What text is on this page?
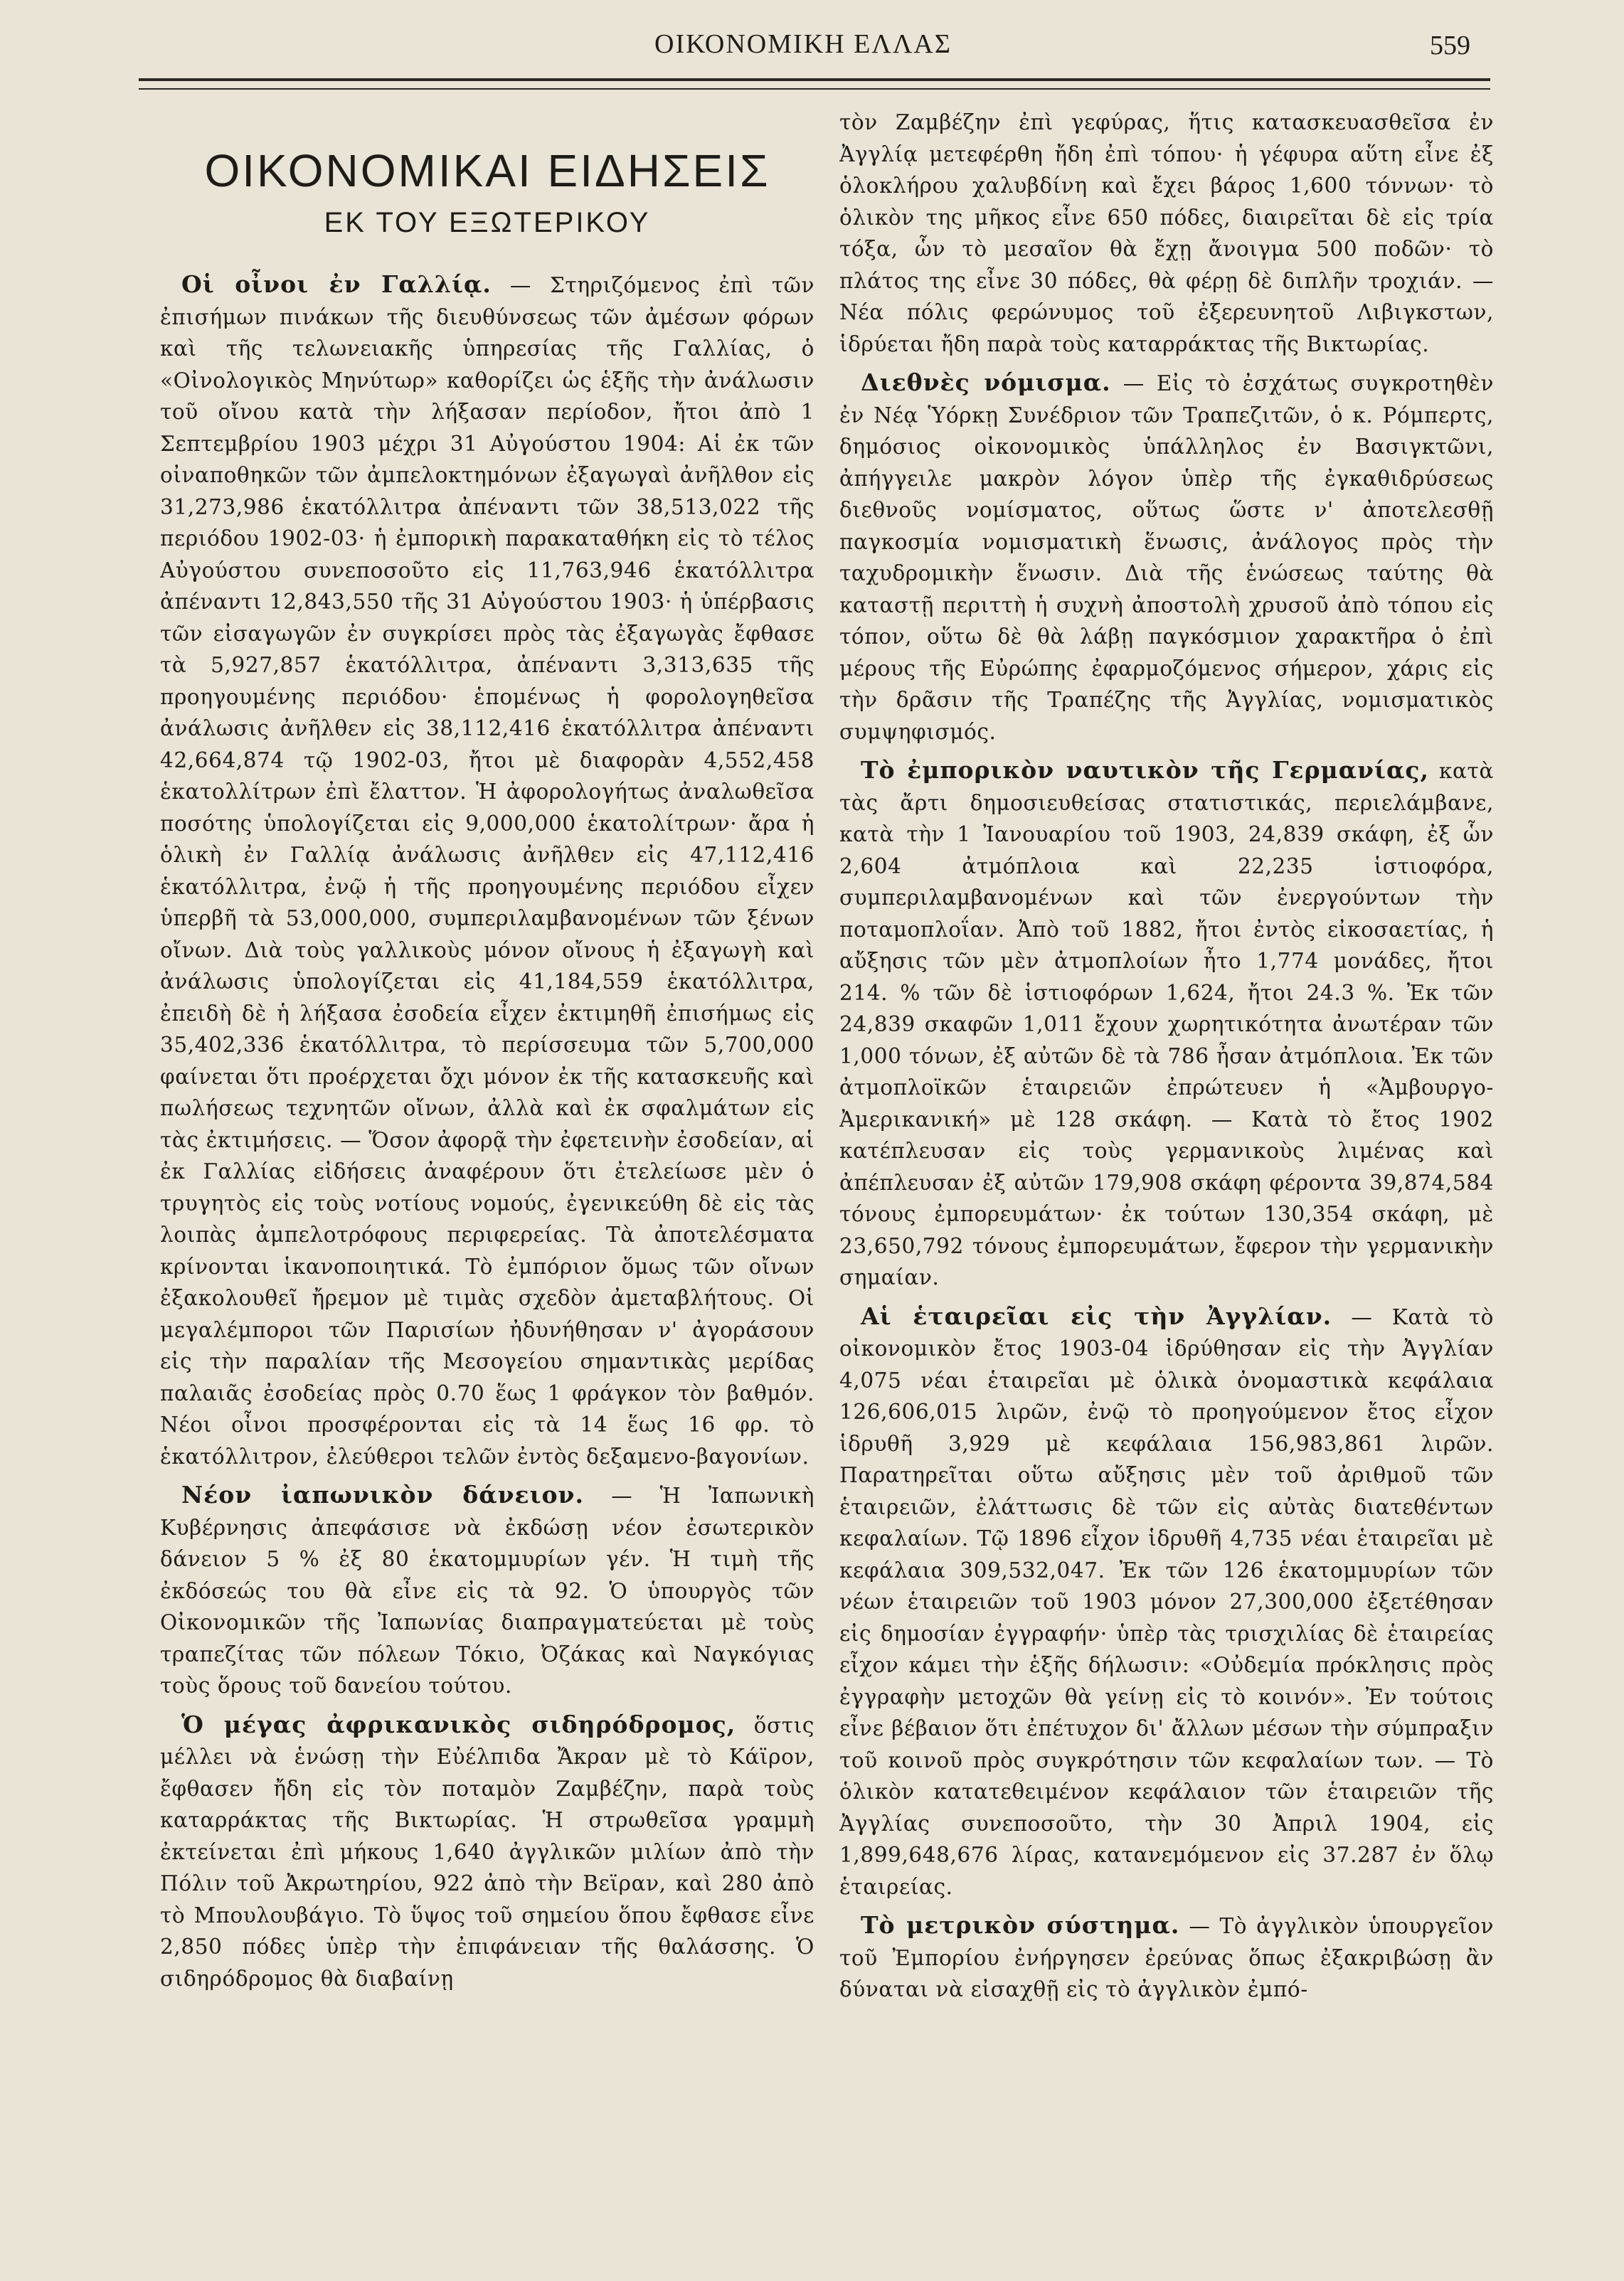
ΟΙΚΟΝΟΜΙΚΗ ΕΛΛΑΣ	559
ΟΙΚΟΝΟΜΙΚΑΙ ΕΙΔΗΣΕΙΣ
ΕΚ ΤΟΥ ΕΞΩΤΕΡΙΚΟΥ

Οἱ οἶνοι ἐν Γαλλίᾳ. — Στηριζόμενος ἐπὶ τῶν ἐπισήμων πινάκων τῆς διευθύνσεως τῶν ἀμέσων φόρων καὶ τῆς τελωνειακῆς ὑπηρεσίας τῆς Γαλλίας, ὁ «Οἰνολογικὸς Μηνύτωρ» καθορίζει ὡς ἑξῆς τὴν ἀνάλωσιν τοῦ οἴνου κατὰ τὴν λήξασαν περίοδον, ἤτοι ἀπὸ 1 Σεπτεμβρίου 1903 μέχρι 31 Αὐγούστου 1904: Αἱ ἐκ τῶν οἰναποθηκῶν τῶν ἀμπελοκτημόνων ἐξαγωγαὶ ἀνῆλθον εἰς 31,273,986 ἑκατόλλιτρα ἀπέναντι τῶν 38,513,022 τῆς περιόδου 1902-03· ἡ ἐμπορικὴ παρακαταθήκη εἰς τὸ τέλος Αὐγούστου συνεποσοῦτο εἰς 11,763,946 ἑκατόλλιτρα ἀπέναντι 12,843,550 τῆς 31 Αὐγούστου 1903· ἡ ὑπέρβασις τῶν εἰσαγωγῶν ἐν συγκρίσει πρὸς τὰς ἐξαγωγὰς ἔφθασε τὰ 5,927,857 ἑκατόλλιτρα, ἀπέναντι 3,313,635 τῆς προηγουμένης περιόδου· ἑπομένως ἡ φορολογηθεῖσα ἀνάλωσις ἀνῆλθεν εἰς 38,112,416 ἑκατόλλιτρα ἀπέναντι 42,664,874 τῷ 1902-03, ἤτοι μὲ διαφορὰν 4,552,458 ἑκατολλίτρων ἐπὶ ἔλαττον. Ἡ ἀφορολογήτως ἀναλωθεῖσα ποσότης ὑπολογίζεται εἰς 9,000,000 ἑκατολίτρων· ἄρα ἡ ὁλικὴ ἐν Γαλλίᾳ ἀνάλωσις ἀνῆλθεν εἰς 47,112,416 ἑκατόλλιτρα, ἐνῷ ἡ τῆς προηγουμένης περιόδου εἶχεν ὑπερβῆ τὰ 53,000,000, συμπεριλαμβανομένων τῶν ξένων οἴνων. Διὰ τοὺς γαλλικοὺς μόνον οἴνους ἡ ἐξαγωγὴ καὶ ἀνάλωσις ὑπολογίζεται εἰς 41,184,559 ἑκατόλλιτρα, ἐπειδὴ δὲ ἡ λήξασα ἐσοδεία εἶχεν ἐκτιμηθῆ ἐπισήμως εἰς 35,402,336 ἑκατόλλιτρα, τὸ περίσσευμα τῶν 5,700,000 φαίνεται ὅτι προέρχεται ὄχι μόνον ἐκ τῆς κατασκευῆς καὶ πωλήσεως τεχνητῶν οἴνων, ἀλλὰ καὶ ἐκ σφαλμάτων εἰς τὰς ἐκτιμήσεις. — Ὅσον ἀφορᾷ τὴν ἐφετεινὴν ἐσοδείαν, αἱ ἐκ Γαλλίας εἰδήσεις ἀναφέρουν ὅτι ἐτελείωσε μὲν ὁ τρυγητὸς εἰς τοὺς νοτίους νομούς, ἐγενικεύθη δὲ εἰς τὰς λοιπὰς ἀμπελοτρόφους περιφερείας. Τὰ ἀποτελέσματα κρίνονται ἱκανοποιητικά. Τὸ ἐμπόριον ὅμως τῶν οἴνων ἐξακολουθεῖ ἤρεμον μὲ τιμὰς σχεδὸν ἀμεταβλήτους. Οἱ μεγαλέμποροι τῶν Παρισίων ἠδυνήθησαν ν' ἀγοράσουν εἰς τὴν παραλίαν τῆς Μεσογείου σημαντικὰς μερίδας παλαιᾶς ἐσοδείας πρὸς 0.70 ἕως 1 φράγκον τὸν βαθμόν. Νέοι οἶνοι προσφέρονται εἰς τὰ 14 ἕως 16 φρ. τὸ ἑκατόλλιτρον, ἐλεύθεροι τελῶν ἐντὸς δεξαμενο-βαγονίων.

Νέον ἰαπωνικὸν δάνειον. — Ἡ Ἰαπωνικὴ Κυβέρνησις ἀπεφάσισε νὰ ἐκδώσῃ νέον ἐσωτερικὸν δάνειον 5 % ἐξ 80 ἑκατομμυρίων γέν. Ἡ τιμὴ τῆς ἐκδόσεώς του θὰ εἶνε εἰς τὰ 92. Ὁ ὑπουργὸς τῶν Οἰκονομικῶν τῆς Ἰαπωνίας διαπραγματεύεται μὲ τοὺς τραπεζίτας τῶν πόλεων Τόκιο, Ὀζάκας καὶ Ναγκόγιας τοὺς ὅρους τοῦ δανείου τούτου.

Ὁ μέγας ἀφρικανικὸς σιδηρόδρομος, ὅστις μέλλει νὰ ἑνώσῃ τὴν Εὐέλπιδα Ἄκραν μὲ τὸ Κάϊρον, ἔφθασεν ἤδη εἰς τὸν ποταμὸν Ζαμβέζην, παρὰ τοὺς καταρράκτας τῆς Βικτωρίας. Ἡ στρωθεῖσα γραμμὴ ἐκτείνεται ἐπὶ μήκους 1,640 ἀγγλικῶν μιλίων ἀπὸ τὴν Πόλιν τοῦ Ἀκρωτηρίου, 922 ἀπὸ τὴν Βεϊραν, καὶ 280 ἀπὸ τὸ Μπουλουβάγιο. Τὸ ὕψος τοῦ σημείου ὅπου ἔφθασε εἶνε 2,850 πόδες ὑπὲρ τὴν ἐπιφάνειαν τῆς θαλάσσης. Ὁ σιδηρόδρομος θὰ διαβαίνῃ

τὸν Ζαμβέζην ἐπὶ γεφύρας, ἥτις κατασκευασθεῖσα ἐν Ἀγγλίᾳ μετεφέρθη ἤδη ἐπὶ τόπου· ἡ γέφυρα αὕτη εἶνε ἐξ ὁλοκλήρου χαλυβδίνη καὶ ἔχει βάρος 1,600 τόννων· τὸ ὁλικὸν της μῆκος εἶνε 650 πόδες, διαιρεῖται δὲ εἰς τρία τόξα, ὧν τὸ μεσαῖον θὰ ἔχῃ ἄνοιγμα 500 ποδῶν· τὸ πλάτος της εἶνε 30 πόδες, θὰ φέρῃ δὲ διπλῆν τροχιάν. — Νέα πόλις φερώνυμος τοῦ ἐξερευνητοῦ Λιβιγκστων, ἱδρύεται ἤδη παρὰ τοὺς καταρράκτας τῆς Βικτωρίας.

Διεθνὲς νόμισμα. — Εἰς τὸ ἐσχάτως συγκροτηθὲν ἐν Νέᾳ Ὑόρκῃ Συνέδριον τῶν Τραπεζιτῶν, ὁ κ. Ρόμπερτς, δημόσιος οἰκονομικὸς ὑπάλληλος ἐν Βασιγκτῶνι, ἀπήγγειλε μακρὸν λόγον ὑπὲρ τῆς ἐγκαθιδρύσεως διεθνοῦς νομίσματος, οὕτως ὥστε ν' ἀποτελεσθῇ παγκοσμία νομισματικὴ ἕνωσις, ἀνάλογος πρὸς τὴν ταχυδρομικὴν ἕνωσιν. Διὰ τῆς ἑνώσεως ταύτης θὰ καταστῇ περιττὴ ἡ συχνὴ ἀποστολὴ χρυσοῦ ἀπὸ τόπου εἰς τόπον, οὕτω δὲ θὰ λάβῃ παγκόσμιον χαρακτῆρα ὁ ἐπὶ μέρους τῆς Εὐρώπης ἐφαρμοζόμενος σήμερον, χάρις εἰς τὴν δρᾶσιν τῆς Τραπέζης τῆς Ἀγγλίας, νομισματικὸς συμψηφισμός.

Τὸ ἐμπορικὸν ναυτικὸν τῆς Γερμανίας, κατὰ τὰς ἄρτι δημοσιευθείσας στατιστικάς, περιελάμβανε, κατὰ τὴν 1 Ἰανουαρίου τοῦ 1903, 24,839 σκάφη, ἐξ ὧν 2,604 ἀτμόπλοια καὶ 22,235 ἱστιοφόρα, συμπεριλαμβανομένων καὶ τῶν ἐνεργούντων τὴν ποταμοπλοΐαν. Ἀπὸ τοῦ 1882, ἤτοι ἐντὸς εἰκοσαετίας, ἡ αὔξησις τῶν μὲν ἀτμοπλοίων ἦτο 1,774 μονάδες, ἤτοι 214. % τῶν δὲ ἱστιοφόρων 1,624, ἤτοι 24.3 %. Ἐκ τῶν 24,839 σκαφῶν 1,011 ἔχουν χωρητικότητα ἀνωτέραν τῶν 1,000 τόνων, ἐξ αὐτῶν δὲ τὰ 786 ἦσαν ἀτμόπλοια. Ἐκ τῶν ἀτμοπλοϊκῶν ἑταιρειῶν ἐπρώτευεν ἡ «Ἀμβουργο-Ἀμερικανική» μὲ 128 σκάφη. — Κατὰ τὸ ἔτος 1902 κατέπλευσαν εἰς τοὺς γερμανικοὺς λιμένας καὶ ἀπέπλευσαν ἐξ αὐτῶν 179,908 σκάφη φέροντα 39,874,584 τόνους ἐμπορευμάτων· ἐκ τούτων 130,354 σκάφη, μὲ 23,650,792 τόνους ἐμπορευμάτων, ἔφερον τὴν γερμανικὴν σημαίαν.

Αἱ ἑταιρεῖαι εἰς τὴν Ἀγγλίαν. — Κατὰ τὸ οἰκονομικὸν ἔτος 1903-04 ἱδρύθησαν εἰς τὴν Ἀγγλίαν 4,075 νέαι ἑταιρεῖαι μὲ ὁλικὰ ὀνομαστικὰ κεφάλαια 126,606,015 λιρῶν, ἐνῷ τὸ προηγούμενον ἔτος εἶχον ἱδρυθῆ 3,929 μὲ κεφάλαια 156,983,861 λιρῶν. Παρατηρεῖται οὕτω αὔξησις μὲν τοῦ ἀριθμοῦ τῶν ἑταιρειῶν, ἐλάττωσις δὲ τῶν εἰς αὐτὰς διατεθέντων κεφαλαίων. Τῷ 1896 εἶχον ἱδρυθῆ 4,735 νέαι ἑταιρεῖαι μὲ κεφάλαια 309,532,047. Ἐκ τῶν 126 ἑκατομμυρίων τῶν νέων ἑταιρειῶν τοῦ 1903 μόνον 27,300,000 ἐξετέθησαν εἰς δημοσίαν ἐγγραφήν· ὑπὲρ τὰς τρισχιλίας δὲ ἑταιρείας εἶχον κάμει τὴν ἑξῆς δήλωσιν: «Οὐδεμία πρόκλησις πρὸς ἐγγραφὴν μετοχῶν θὰ γείνῃ εἰς τὸ κοινόν». Ἐν τούτοις εἶνε βέβαιον ὅτι ἐπέτυχον δι' ἄλλων μέσων τὴν σύμπραξιν τοῦ κοινοῦ πρὸς συγκρότησιν τῶν κεφαλαίων των. — Τὸ ὁλικὸν κατατεθειμένον κεφάλαιον τῶν ἑταιρειῶν τῆς Ἀγγλίας συνεποσοῦτο, τὴν 30 Ἀπριλ 1904, εἰς 1,899,648,676 λίρας, κατανεμόμενον εἰς 37.287 ἐν ὅλῳ ἑταιρείας.

Τὸ μετρικὸν σύστημα. — Τὸ ἀγγλικὸν ὑπουργεῖον τοῦ Ἐμπορίου ἐνήργησεν ἐρεύνας ὅπως ἐξακριβώσῃ ἂν δύναται νὰ εἰσαχθῇ εἰς τὸ ἀγγλικὸν ἐμπό-
